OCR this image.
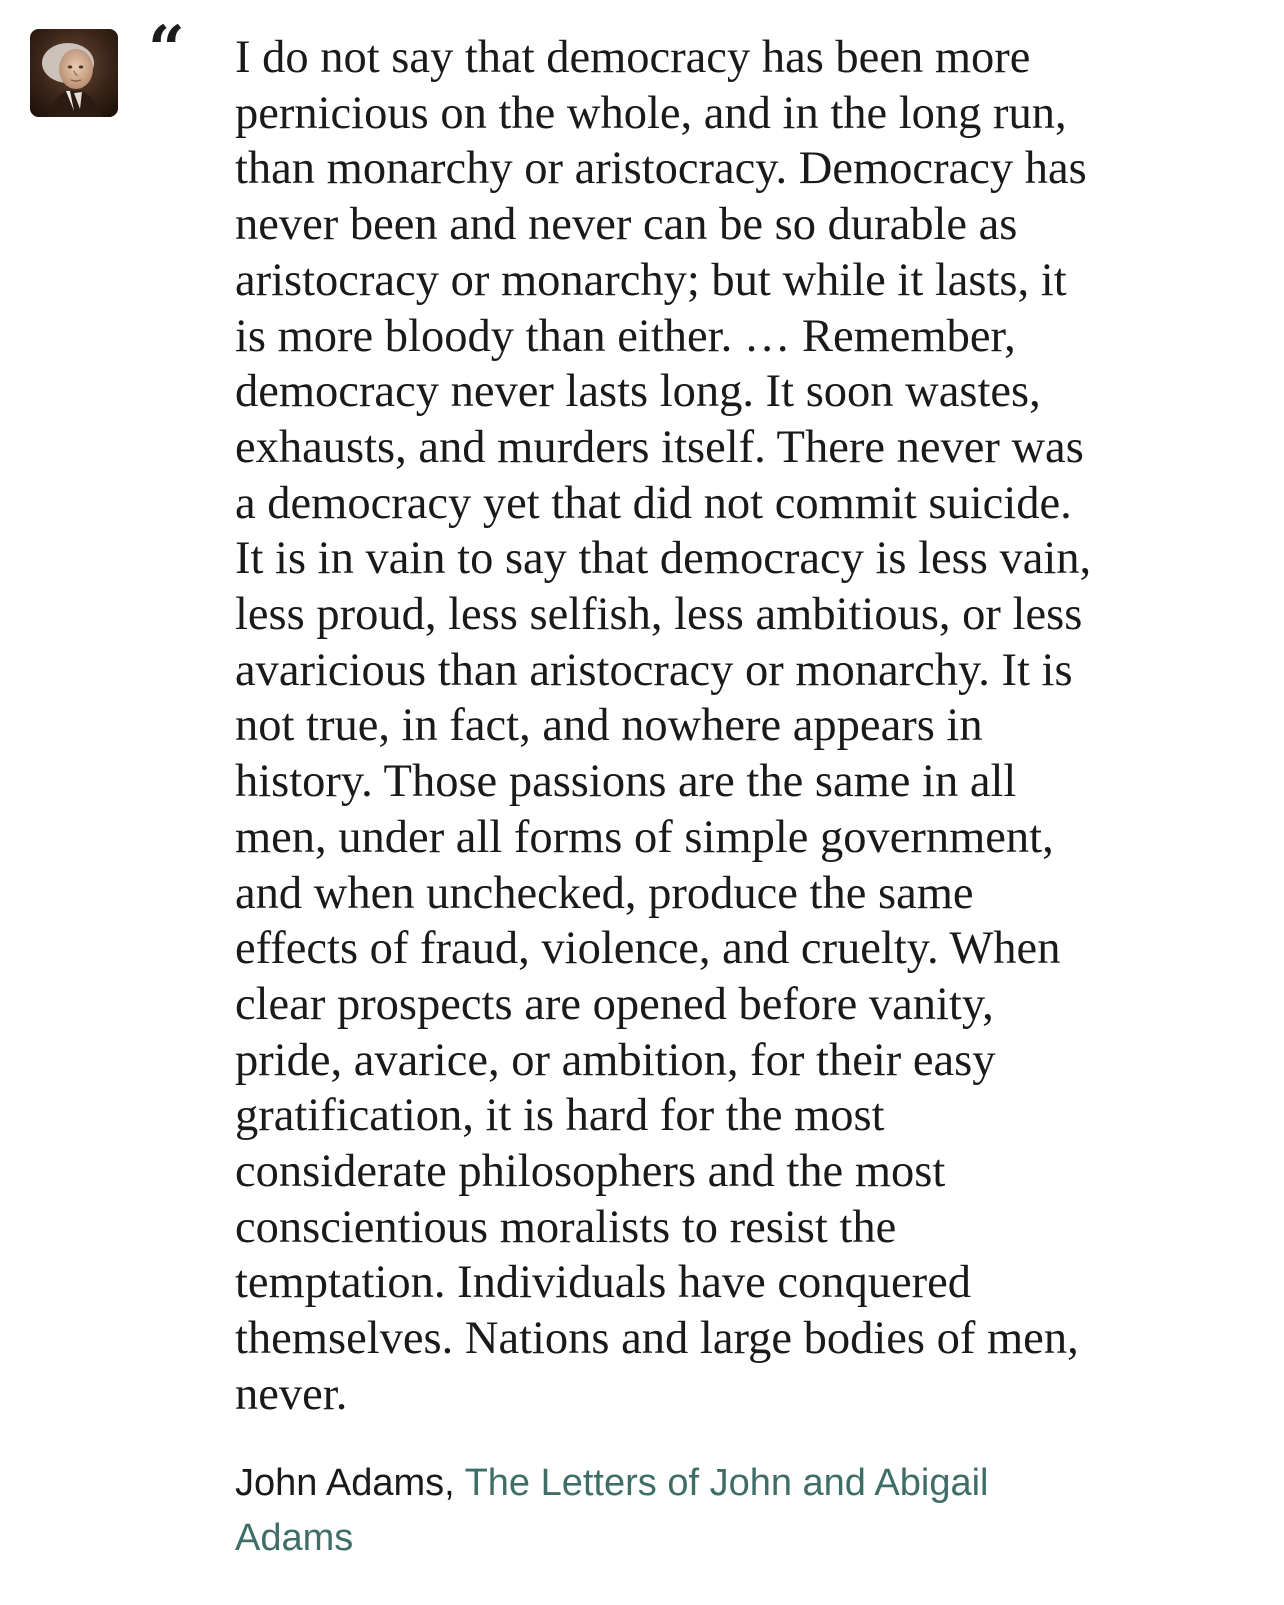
“ I do not say that democracy has been more
pernicious on the whole, and in the long run,
than monarchy or aristocracy. Democracy has
never been and never can be so durable as
aristocracy or monarchy; but while it lasts, it
is more bloody than either. … Remember,
democracy never lasts long. It soon wastes,
exhausts, and murders itself. There never was
a democracy yet that did not commit suicide.
It is in vain to say that democracy is less vain,
less proud, less selfish, less ambitious, or less
avaricious than aristocracy or monarchy. It is
not true, in fact, and nowhere appears in
history. Those passions are the same in all
men, under all forms of simple government,
and when unchecked, produce the same
effects of fraud, violence, and cruelty. When
clear prospects are opened before vanity,
pride, avarice, or ambition, for their easy
gratification, it is hard for the most
considerate philosophers and the most
conscientious moralists to resist the
temptation. Individuals have conquered
themselves. Nations and large bodies of men,
never.
John Adams, The Letters of John and Abigail
Adams
